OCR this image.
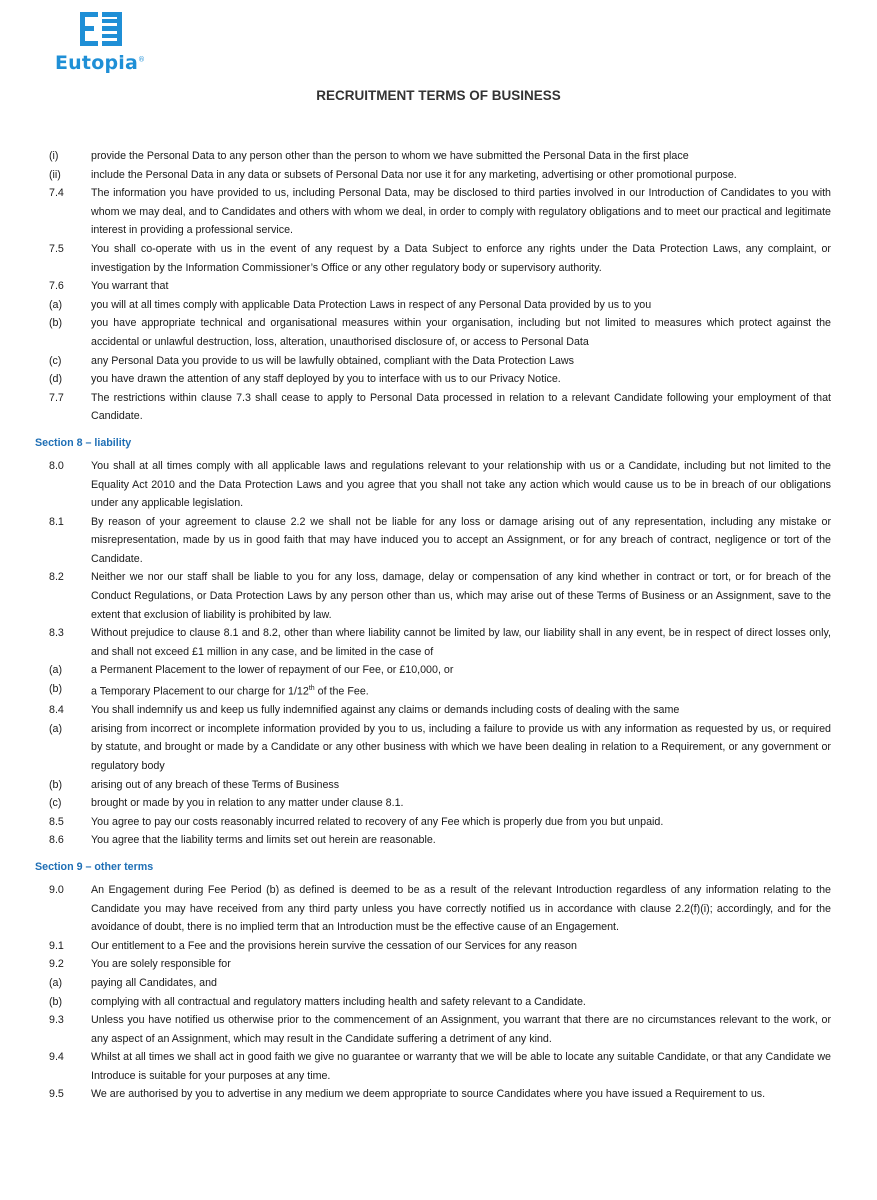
Eutopia®
RECRUITMENT TERMS OF BUSINESS
(i)	provide the Personal Data to any person other than the person to whom we have submitted the Personal Data in the first place
(ii)	include the Personal Data in any data or subsets of Personal Data nor use it for any marketing, advertising or other promotional purpose.
7.4	The information you have provided to us, including Personal Data, may be disclosed to third parties involved in our Introduction of Candidates to you with whom we may deal, and to Candidates and others with whom we deal, in order to comply with regulatory obligations and to meet our practical and legitimate interest in providing a professional service.
7.5	You shall co-operate with us in the event of any request by a Data Subject to enforce any rights under the Data Protection Laws, any complaint, or investigation by the Information Commissioner’s Office or any other regulatory body or supervisory authority.
7.6	You warrant that
(a)	you will at all times comply with applicable Data Protection Laws in respect of any Personal Data provided by us to you
(b)	you have appropriate technical and organisational measures within your organisation, including but not limited to measures which protect against the accidental or unlawful destruction, loss, alteration, unauthorised disclosure of, or access to Personal Data
(c)	any Personal Data you provide to us will be lawfully obtained, compliant with the Data Protection Laws
(d)	you have drawn the attention of any staff deployed by you to interface with us to our Privacy Notice.
7.7	The restrictions within clause 7.3 shall cease to apply to Personal Data processed in relation to a relevant Candidate following your employment of that Candidate.
Section 8 – liability
8.0	You shall at all times comply with all applicable laws and regulations relevant to your relationship with us or a Candidate, including but not limited to the Equality Act 2010 and the Data Protection Laws and you agree that you shall not take any action which would cause us to be in breach of our obligations under any applicable legislation.
8.1	By reason of your agreement to clause 2.2 we shall not be liable for any loss or damage arising out of any representation, including any mistake or misrepresentation, made by us in good faith that may have induced you to accept an Assignment, or for any breach of contract, negligence or tort of the Candidate.
8.2	Neither we nor our staff shall be liable to you for any loss, damage, delay or compensation of any kind whether in contract or tort, or for breach of the Conduct Regulations, or Data Protection Laws by any person other than us, which may arise out of these Terms of Business or an Assignment, save to the extent that exclusion of liability is prohibited by law.
8.3	Without prejudice to clause 8.1 and 8.2, other than where liability cannot be limited by law, our liability shall in any event, be in respect of direct losses only, and shall not exceed £1 million in any case, and be limited in the case of
(a)	a Permanent Placement to the lower of repayment of our Fee, or £10,000, or
(b)	a Temporary Placement to our charge for 1/12th of the Fee.
8.4	You shall indemnify us and keep us fully indemnified against any claims or demands including costs of dealing with the same
(a)	arising from incorrect or incomplete information provided by you to us, including a failure to provide us with any information as requested by us, or required by statute, and brought or made by a Candidate or any other business with which we have been dealing in relation to a Requirement, or any government or regulatory body
(b)	arising out of any breach of these Terms of Business
(c)	brought or made by you in relation to any matter under clause 8.1.
8.5	You agree to pay our costs reasonably incurred related to recovery of any Fee which is properly due from you but unpaid.
8.6	You agree that the liability terms and limits set out herein are reasonable.
Section 9 – other terms
9.0	An Engagement during Fee Period (b) as defined is deemed to be as a result of the relevant Introduction regardless of any information relating to the Candidate you may have received from any third party unless you have correctly notified us in accordance with clause 2.2(f)(i); accordingly, and for the avoidance of doubt, there is no implied term that an Introduction must be the effective cause of an Engagement.
9.1	Our entitlement to a Fee and the provisions herein survive the cessation of our Services for any reason
9.2	You are solely responsible for
(a)	paying all Candidates, and
(b)	complying with all contractual and regulatory matters including health and safety relevant to a Candidate.
9.3	Unless you have notified us otherwise prior to the commencement of an Assignment, you warrant that there are no circumstances relevant to the work, or any aspect of an Assignment, which may result in the Candidate suffering a detriment of any kind.
9.4	Whilst at all times we shall act in good faith we give no guarantee or warranty that we will be able to locate any suitable Candidate, or that any Candidate we Introduce is suitable for your purposes at any time.
9.5	We are authorised by you to advertise in any medium we deem appropriate to source Candidates where you have issued a Requirement to us.
